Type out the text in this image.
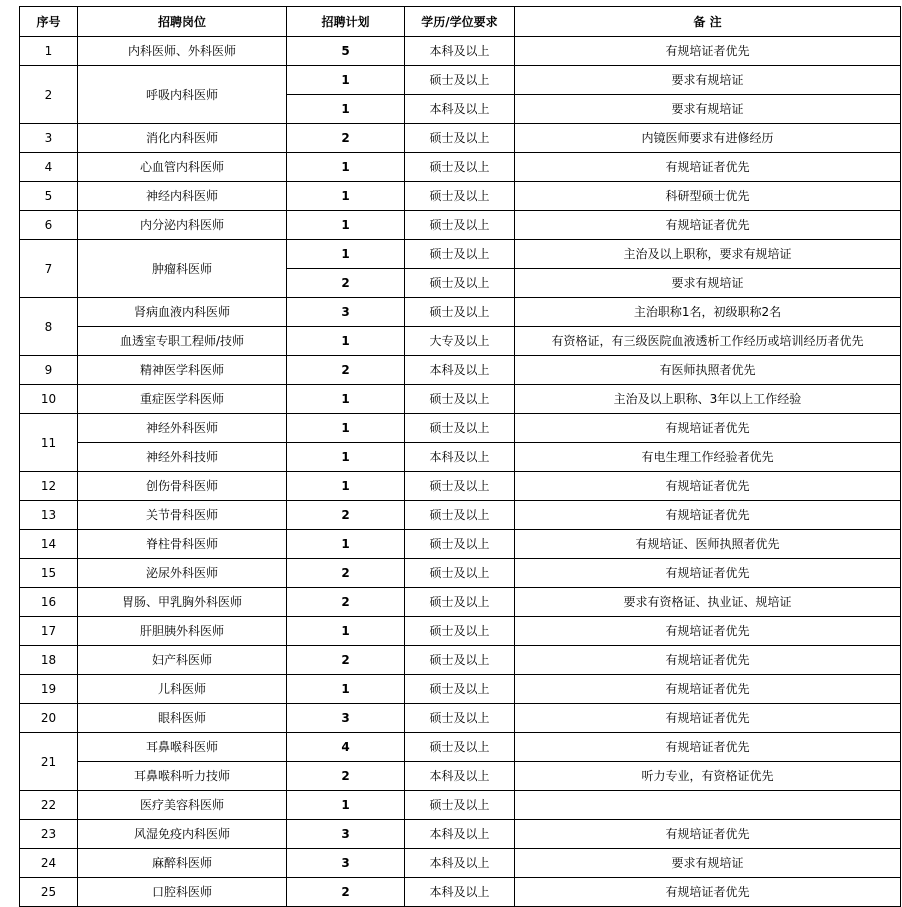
序号	招聘岗位	招聘计划	学历/学位要求	备 注
1	内科医师、外科医师	5	本科及以上	有规培证者优先
2	呼吸内科医师	1	硕士及以上	要求有规培证
		1	本科及以上	要求有规培证
3	消化内科医师	2	硕士及以上	内镜医师要求有进修经历
4	心血管内科医师	1	硕士及以上	有规培证者优先
5	神经内科医师	1	硕士及以上	科研型硕士优先
6	内分泌内科医师	1	硕士及以上	有规培证者优先
7	肿瘤科医师	1	硕士及以上	主治及以上职称，要求有规培证
		2	硕士及以上	要求有规培证
8	肾病血液内科医师	3	硕士及以上	主治职称1名，初级职称2名
	血透室专职工程师/技师	1	大专及以上	有资格证，有三级医院血液透析工作经历或培训经历者优先
9	精神医学科医师	2	本科及以上	有医师执照者优先
10	重症医学科医师	1	硕士及以上	主治及以上职称、3年以上工作经验
11	神经外科医师	1	硕士及以上	有规培证者优先
	神经外科技师	1	本科及以上	有电生理工作经验者优先
12	创伤骨科医师	1	硕士及以上	有规培证者优先
13	关节骨科医师	2	硕士及以上	有规培证者优先
14	脊柱骨科医师	1	硕士及以上	有规培证、医师执照者优先
15	泌尿外科医师	2	硕士及以上	有规培证者优先
16	胃肠、甲乳胸外科医师	2	硕士及以上	要求有资格证、执业证、规培证
17	肝胆胰外科医师	1	硕士及以上	有规培证者优先
18	妇产科医师	2	硕士及以上	有规培证者优先
19	儿科医师	1	硕士及以上	有规培证者优先
20	眼科医师	3	硕士及以上	有规培证者优先
21	耳鼻喉科医师	4	硕士及以上	有规培证者优先
	耳鼻喉科听力技师	2	本科及以上	听力专业，有资格证优先
22	医疗美容科医师	1	硕士及以上	
23	风湿免疫内科医师	3	本科及以上	有规培证者优先
24	麻醉科医师	3	本科及以上	要求有规培证
25	口腔科医师	2	本科及以上	有规培证者优先
